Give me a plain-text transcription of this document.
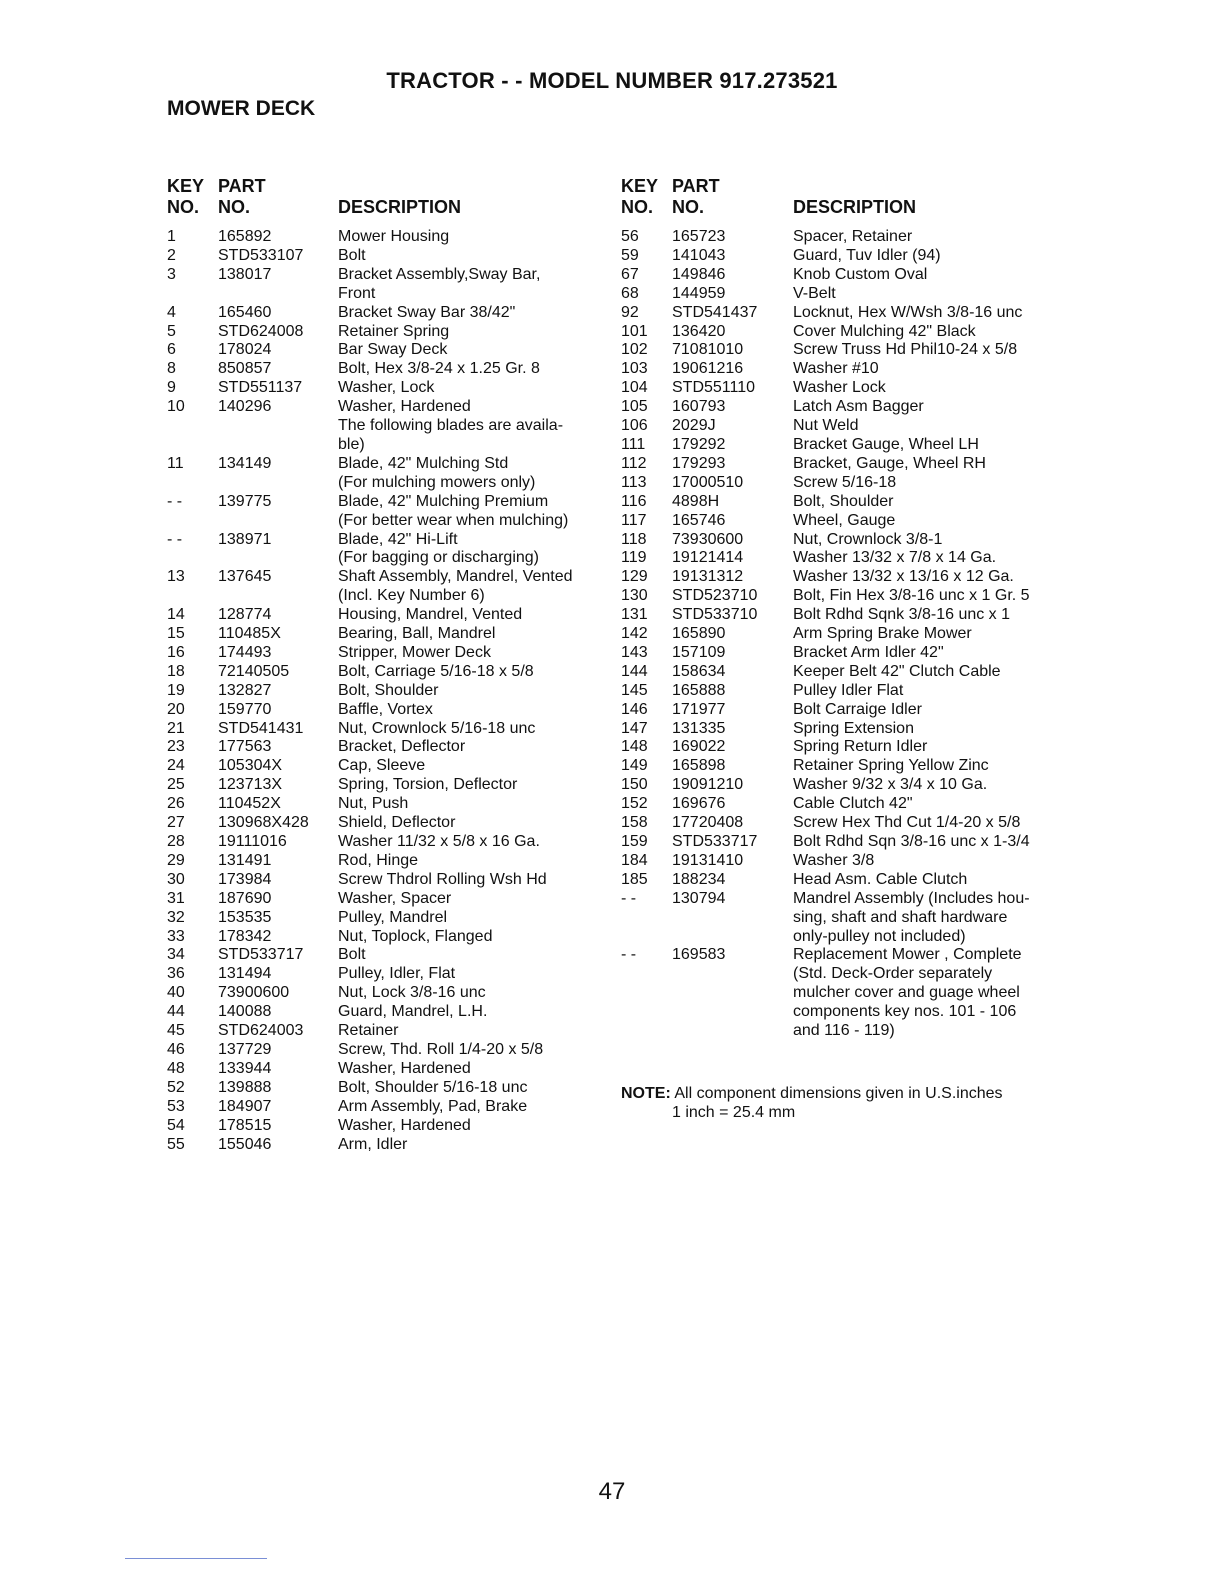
TRACTOR - - MODEL NUMBER 917.273521
MOWER DECK
KEY
NO.
PART
NO.	DESCRIPTION
1	165892	Mower Housing
2	STD533107	Bolt
3	138017	Bracket Assembly,Sway Bar,
Front
4	165460	Bracket Sway Bar 38/42"
5	STD624008	Retainer Spring
6	178024	Bar Sway Deck
8	850857	Bolt, Hex 3/8-24 x 1.25 Gr. 8
9	STD551137	Washer, Lock
10	140296	Washer, Hardened
The following blades are availa-
ble)
11	134149	Blade, 42" Mulching Std
(For mulching mowers only)
- -	139775	Blade, 42" Mulching Premium
(For better wear when mulching)
- -	138971	Blade, 42" Hi-Lift
(For bagging or discharging)
13	137645	Shaft Assembly, Mandrel, Vented
(Incl. Key Number 6)
14	128774	Housing, Mandrel, Vented
15	110485X	Bearing, Ball, Mandrel
16	174493	Stripper, Mower Deck
18	72140505	Bolt, Carriage 5/16-18 x 5/8
19	132827	Bolt, Shoulder
20	159770	Baffle, Vortex
21	STD541431	Nut, Crownlock 5/16-18 unc
23	177563	Bracket, Deflector
24	105304X	Cap, Sleeve
25	123713X	Spring, Torsion, Deflector
26	110452X	Nut, Push
27	130968X428	Shield, Deflector
28	19111016	Washer 11/32 x 5/8 x 16 Ga.
29	131491	Rod, Hinge
30	173984	Screw Thdrol Rolling Wsh Hd
31	187690	Washer, Spacer
32	153535	Pulley, Mandrel
33	178342	Nut, Toplock, Flanged
34	STD533717	Bolt
36	131494	Pulley, Idler, Flat
40	73900600	Nut, Lock 3/8-16 unc
44	140088	Guard, Mandrel, L.H.
45	STD624003	Retainer
46	137729	Screw, Thd. Roll 1/4-20 x 5/8
48	133944	Washer, Hardened
52	139888	Bolt, Shoulder 5/16-18 unc
53	184907	Arm Assembly, Pad, Brake
54	178515	Washer, Hardened
55	155046	Arm, Idler
KEY
NO.
PART
NO.	DESCRIPTION
56	165723	Spacer, Retainer
59	141043	Guard, Tuv Idler (94)
67	149846	Knob Custom Oval
68	144959	V-Belt
92	STD541437	Locknut, Hex W/Wsh 3/8-16 unc
101	136420	Cover Mulching 42" Black
102	71081010	Screw Truss Hd Phil10-24 x 5/8
103	19061216	Washer #10
104	STD551110	Washer Lock
105	160793	Latch Asm Bagger
106	2029J	Nut Weld
111	179292	Bracket Gauge, Wheel LH
112	179293	Bracket, Gauge, Wheel RH
113	17000510	Screw 5/16-18
116	4898H	Bolt, Shoulder
117	165746	Wheel, Gauge
118	73930600	Nut, Crownlock 3/8-1
119	19121414	Washer 13/32 x 7/8 x 14 Ga.
129	19131312	Washer 13/32 x 13/16 x 12 Ga.
130	STD523710	Bolt, Fin Hex 3/8-16 unc x 1 Gr. 5
131	STD533710	Bolt Rdhd Sqnk 3/8-16 unc x 1
142	165890	Arm Spring Brake Mower
143	157109	Bracket Arm Idler 42"
144	158634	Keeper Belt 42" Clutch Cable
145	165888	Pulley Idler Flat
146	171977	Bolt Carraige Idler
147	131335	Spring Extension
148	169022	Spring Return Idler
149	165898	Retainer Spring Yellow Zinc
150	19091210	Washer 9/32 x 3/4 x 10 Ga.
152	169676	Cable Clutch 42"
158	17720408	Screw Hex Thd Cut 1/4-20 x 5/8
159	STD533717	Bolt Rdhd Sqn 3/8-16 unc x 1-3/4
184	19131410	Washer 3/8
185	188234	Head Asm. Cable Clutch
- -	130794	Mandrel Assembly (Includes hou-
sing, shaft and shaft hardware
only-pulley not included)
- -	169583	Replacement Mower , Complete
(Std. Deck-Order separately
mulcher cover and guage wheel
components key nos. 101 - 106
and 116 - 119)
NOTE: All component dimensions given in U.S.inches
1 inch = 25.4 mm
47
